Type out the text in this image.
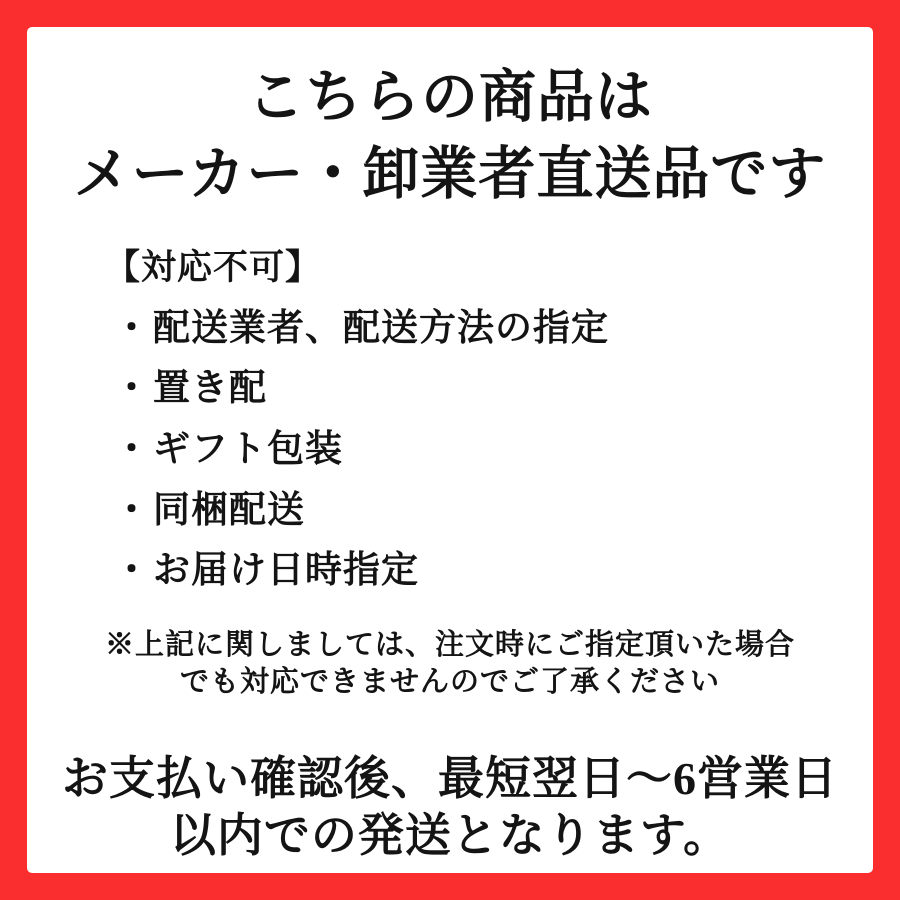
こちらの商品は
メーカー・卸業者直送品です
【対応不可】
・ 配送業者、配送方法の指定
・ 置き配
・ ギフト包装
・ 同梱配送
・ お届け日時指定
※上記に関しましては、注文時にご指定頂いた場合
でも対応できませんのでご了承ください
お支払い確認後、最短翌日〜6営業日
以内での発送となります。
